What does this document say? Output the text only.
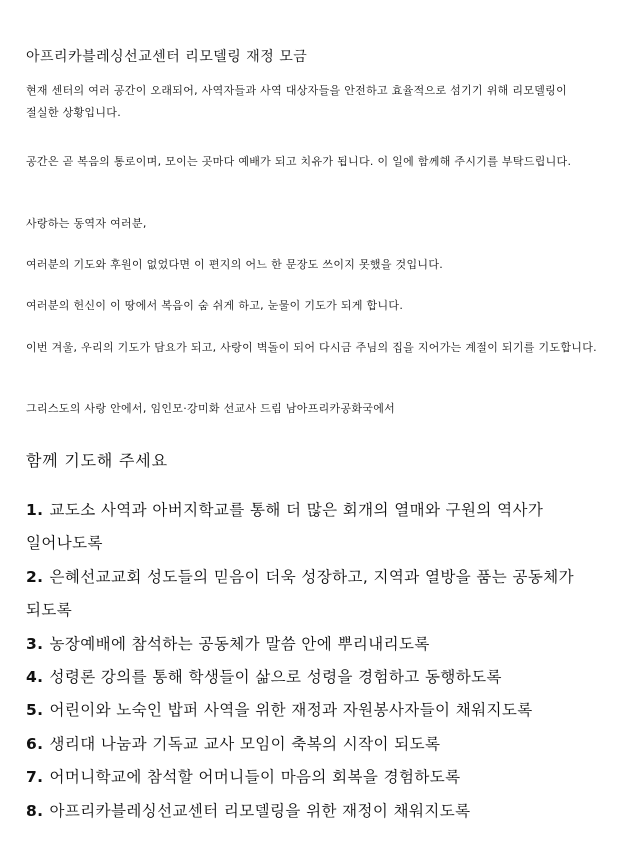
아프리카블레싱선교센터 리모델링 재정 모금

현재 센터의 여러 공간이 오래되어, 사역자들과 사역 대상자들을 안전하고 효율적으로 섬기기 위해 리모델링이 절실한 상황입니다.

공간은 곧 복음의 통로이며, 모이는 곳마다 예배가 되고 치유가 됩니다. 이 일에 함께해 주시기를 부탁드립니다.

사랑하는 동역자 여러분,

여러분의 기도와 후원이 없었다면 이 편지의 어느 한 문장도 쓰이지 못했을 것입니다.

여러분의 헌신이 이 땅에서 복음이 숨 쉬게 하고, 눈물이 기도가 되게 합니다.

이번 겨울, 우리의 기도가 담요가 되고, 사랑이 벽돌이 되어 다시금 주님의 집을 지어가는 계절이 되기를 기도합니다.

그리스도의 사랑 안에서, 임인모·강미화 선교사 드림 남아프리카공화국에서

함께 기도해 주세요
1. 교도소 사역과 아버지학교를 통해 더 많은 회개의 열매와 구원의 역사가 일어나도록
2. 은혜선교교회 성도들의 믿음이 더욱 성장하고, 지역과 열방을 품는 공동체가 되도록
3. 농장예배에 참석하는 공동체가 말씀 안에 뿌리내리도록
4. 성령론 강의를 통해 학생들이 삶으로 성령을 경험하고 동행하도록
5. 어린이와 노숙인 밥퍼 사역을 위한 재정과 자원봉사자들이 채워지도록
6. 생리대 나눔과 기독교 교사 모임이 축복의 시작이 되도록
7. 어머니학교에 참석할 어머니들이 마음의 회복을 경험하도록
8. 아프리카블레싱선교센터 리모델링을 위한 재정이 채워지도록
